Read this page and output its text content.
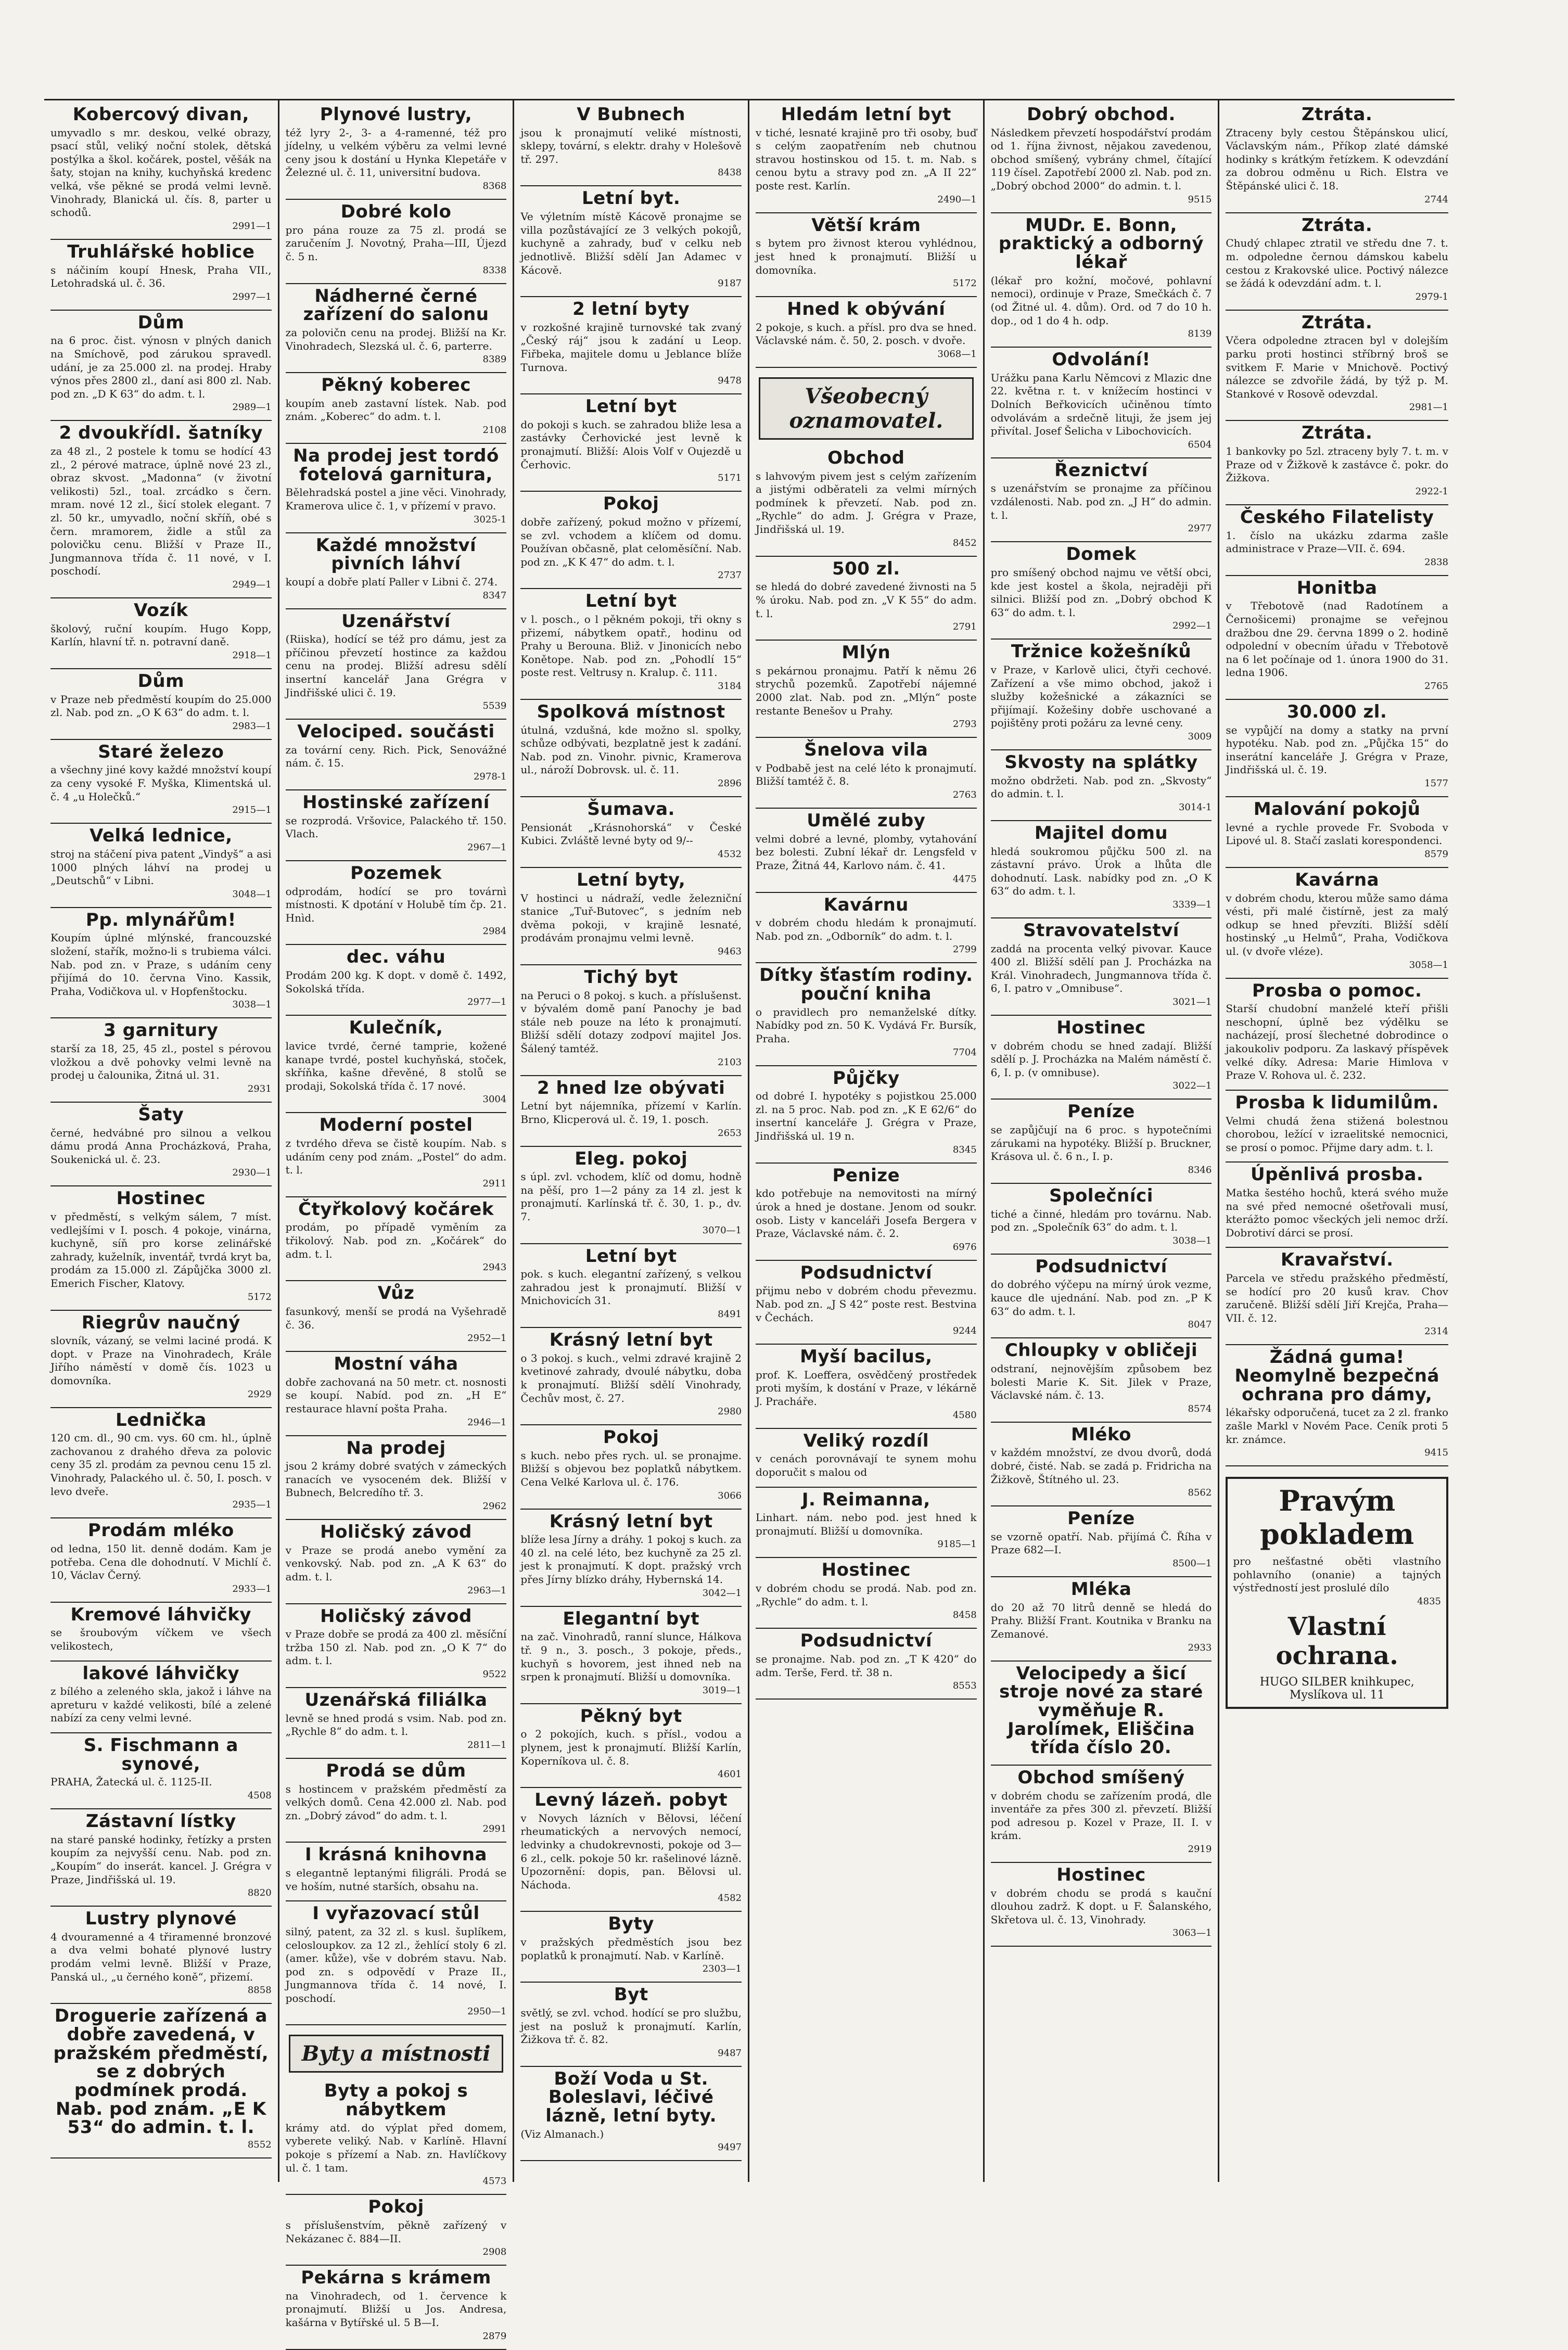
Kobercový divan,
umyvadlo s mr. deskou, velké obrazy, psací stůl, veliký noční stolek, dětská postýlka a škol. kočárek, postel, věšák na šaty, stojan na knihy, kuchyňská kredenc velká, vše pěkné se prodá velmi levně. Vinohrady, Blanická ul. čís. 8, parter u schodů.
2991—1
Truhlářské hoblice
s náčiním koupí Hnesk, Praha VII., Letohradská ul. č. 36.
2997—1
Dům
na 6 proc. čist. výnosn v plných danich na Smíchově, pod zárukou spravedl. udání, je za 25.000 zl. na prodej. Hraby výnos přes 2800 zl., daní asi 800 zl. Nab. pod zn. „D K 63“ do adm. t. l.
2989—1
2 dvoukřídl. šatníky
za 48 zl., 2 postele k tomu se hodící 43 zl., 2 pérové matrace, úplně nové 23 zl., obraz skvost. „Madonna“ (v životní velikosti) 5zl., toal. zrcádko s čern. mram. nové 12 zl., šicí stolek elegant. 7 zl. 50 kr., umyvadlo, noční skříň, obé s čern. mramorem, židle a stůl za polovičku cenu. Bližší v Praze II., Jungmannova třída č. 11 nové, v I. poschodí.
2949—1
Vozík
školový, ruční koupím. Hugo Kopp, Karlín, hlavní tř. n. potravní daně.
2918—1
Dům
v Praze neb předměstí koupím do 25.000 zl. Nab. pod zn. „O K 63“ do adm. t. l.
2983—1
Staré železo
a všechny jiné kovy každé množství koupí za ceny vysoké F. Myška, Klimentská ul. č. 4 „u Holečků.“
2915—1
Velká lednice,
stroj na stáčení piva patent „Vindyš“ a asi 1000 plných láhví na prodej u „Deutschů“ v Libni.
3048—1
Pp. mlynářům!
Koupím úplné mlýnské, francouzské složení, stařík, možno-li s trubiema válci. Nab. pod zn. v Praze, s udáním ceny přijímá do 10. června Vino. Kassik, Praha, Vodičkova ul. v Hopfenštocku.
3038—1
3 garnitury
starší za 18, 25, 45 zl., postel s pérovou vložkou a dvě pohovky velmi levně na prodej u čalounika, Žitná ul. 31.
2931
Šaty
černé, hedvábné pro silnou a velkou dámu prodá Anna Procházková, Praha, Soukenická ul. č. 23.
2930—1
Hostinec
v předměstí, s velkým sálem, 7 míst. vedlejšími v I. posch. 4 pokoje, vinárna, kuchyně, síň pro korse zelinářské zahrady, kuželník, inventář, tvrdá kryt ba, prodám za 15.000 zl. Zápůjčka 3000 zl. Emerich Fischer, Klatovy.
5172
Riegrův naučný
slovník, vázaný, se velmi laciné prodá. K dopt. v Praze na Vinohradech, Krále Jiřího náměstí v domě čís. 1023 u domovníka.
2929
Lednička
120 cm. dl., 90 cm. vys. 60 cm. hl., úplně zachovanou z drahého dřeva za polovic ceny 35 zl. prodám za pevnou cenu 15 zl. Vinohrady, Palackého ul. č. 50, I. posch. v levo dveře.
2935—1
Prodám mléko
od ledna, 150 lit. denně dodám. Kam je potřeba. Cena dle dohodnutí. V Michlí č. 10, Václav Černý.
2933—1
Kremové láhvičky
se šroubovým víčkem ve všech velikostech,
lakové láhvičky
z bílého a zeleného skla, jakož i láhve na apreturu v každé velikosti, bílé a zelené nabízí za ceny velmi levné.
S. Fischmann a synové,
PRAHA, Žatecká ul. č. 1125-II.
4508
Zástavní lístky
na staré panské hodinky, řetízky a prsten koupím za nejvyšší cenu. Nab. pod zn. „Koupím“ do inserát. kancel. J. Grégra v Praze, Jindřišská ul. 19.
8820
Lustry plynové
4 dvouramenné a 4 třiramenné bronzové a dva velmi bohaté plynové lustry prodám velmi levně. Bližší v Praze, Panská ul., „u černého koně“, přizemí.
8858
Droguerie zařízená a dobře zavedená, v pražském předměstí, se z dobrých podmínek prodá. Nab. pod znám. „E K 53“ do admin. t. l.
8552
Plynové lustry,
též lyry 2-, 3- a 4-ramenné, též pro jídelny, u velkém výběru za velmi levné ceny jsou k dostání u Hynka Klepetáře v Železné ul. č. 11, universitní budova.
8368
Dobré kolo
pro pána rouze za 75 zl. prodá se zaručením J. Novotný, Praha—III, Újezd č. 5 n.
8338
Nádherné černé zařízení do salonu
za polovičn cenu na prodej. Bližší na Kr. Vinohradech, Slezská ul. č. 6, parterre.
8389
Pěkný koberec
koupím aneb zastavní lístek. Nab. pod znám. „Koberec“ do adm. t. l.
2108
Na prodej jest tordó fotelová garnitura,
Bělehradská postel a jine věci. Vinohrady, Kramerova ulice č. 1, v přízemí v pravo.
3025-1
Každé množství pivních láhví
koupí a dobře platí Paller v Libni č. 274.
8347
Uzenářství
(Riiska), hodící se též pro dámu, jest za příčinou převzetí hostince za každou cenu na prodej. Bližší adresu sdělí insertní kancelář Jana Grégra v Jindřišské ulici č. 19.
5539
Velociped. součásti
za tovární ceny. Rich. Pick, Senovážné nám. č. 15.
2978-1
Hostinské zařízení
se rozprodá. Vršovice, Palackého tř. 150. Vlach.
2967—1
Pozemek
odprodám, hodící se pro továrnì místnosti. K dpotání v Holubě tím čp. 21. Hnìd.
2984
dec. váhu
Prodám 200 kg. K dopt. v domě č. 1492, Sokolská třída.
2977—1
Kulečník,
lavice tvrdé, černé tamprie, kožené kanape tvrdé, postel kuchyňská, stoček, skříňka, kašne dřevěné, 8 stolů se prodaji, Sokolská třída č. 17 nové.
3004
Moderní postel
z tvrdého dřeva se čistě koupím. Nab. s udáním ceny pod znám. „Postel“ do adm. t. l.
2911
Čtyřkolový kočárek
prodám, po případě vyměním za třikolový. Nab. pod zn. „Kočárek“ do adm. t. l.
2943
Vůz
fasunkový, menší se prodá na Vyšehradě č. 36.
2952—1
Mostní váha
dobře zachovaná na 50 metr. ct. nosnosti se koupí. Nabíd. pod zn. „H E“ restaurace hlavní pošta Praha.
2946—1
Na prodej
jsou 2 krámy dobré svatých v zámeckých ranacích ve vysoceném dek. Bližší v Bubnech, Belcredího tř. 3.
2962
Holičský závod
v Praze se prodá anebo vymění za venkovský. Nab. pod zn. „A K 63“ do adm. t. l.
2963—1
Holičský závod
v Praze dobře se prodá za 400 zl. měsíční tržba 150 zl. Nab. pod zn. „O K 7“ do adm. t. l.
9522
Uzenářská filiálka
levně se hned prodá s vsim. Nab. pod zn. „Rychle 8“ do adm. t. l.
2811—1
Prodá se dům
s hostincem v pražském předměstí za velkých domů. Cena 42.000 zl. Nab. pod zn. „Dobrý závod“ do adm. t. l.
2991
I krásná knihovna
s elegantně leptanými filigráli. Prodá se ve hoším, nutné starších, obsahu na.
I vyřazovací stůl
silný, patent, za 32 zl. s kusl. šuplíkem, celosloupkov. za 12 zl., žehlící stoly 6 zl. (amer. kůže), vše v dobrém stavu. Nab. pod zn. s odpovědí v Praze II., Jungmannova třída č. 14 nové, I. poschodí.
2950—1
Byty a místnosti
Byty a pokoj s nábytkem
krámy atd. do výplat před domem, vyberete veliký. Nab. v Karlíně. Hlavní pokoje s přízemí a Nab. zn. Havlíčkovy ul. č. 1 tam.
4573
Pokoj
s příslušenstvím, pěkně zařízený v Nekázanec č. 884—II.
2908
Pekárna s krámem
na Vinohradech, od 1. července k pronajmutí. Bližší u Jos. Andresa, kašárna v Bytířské ul. 5 B—I.
2879
V Bubnech
jsou k pronajmutí veliké místnosti, sklepy, tovární, s elektr. drahy v Holešově tř. 297.
8438
Letní byt.
Ve výletním místě Kácově pronajme se villa pozůstávající ze 3 velkých pokojů, kuchyně a zahrady, buď v celku neb jednotlivě. Bližší sdělí Jan Adamec v Kácově.
9187
2 letní byty
v rozkošné krajině turnovské tak zvaný „Český ráj“ jsou k zadání u Leop. Fiřbeka, majitele domu u Jeblance blíže Turnova.
9478
Letní byt
do pokoji s kuch. se zahradou bliže lesa a zastávky Čerhovické jest levně k pronajmutí. Bližší: Alois Volf v Oujezdě u Čerhovic.
5171
Pokoj
dobře zařízený, pokud možno v přízemí, se zvl. vchodem a klíčem od domu. Používan občasně, plat celoměsíční. Nab. pod zn. „K K 47“ do adm. t. l.
2737
Letní byt
v l. posch., o l pěkném pokoji, tři okny s přizemí, nábytkem opatř., hodinu od Prahy u Berouna. Bliž. v Jinonicích nebo Konětope. Nab. pod zn. „Pohodlí 15“ poste rest. Veltrusy n. Kralup. č. 111.
3184
Spolková místnost
útulná, vzdušná, kde možno sl. spolky, schůze odbývati, bezplatně jest k zadání. Nab. pod zn. Vinohr. pivnic, Kramerova ul., nároží Dobrovsk. ul. č. 11.
2896
Šumava.
Pensionát „Krásnohorská“ v České Kubici. Zvláště levné byty od 9/--
4532
Letní byty,
V hostinci u nádraží, vedle železniční stanice „Tuř-Butovec“, s jedním neb dvěma pokoji, v krajině lesnaté, prodávám pronajmu velmi levně.
9463
Tichý byt
na Peruci o 8 pokoj. s kuch. a příslušenst. v bývalém domě paní Panochy je bad stále neb pouze na léto k pronajmutí. Bližší sdělí dotazy zodpoví majitel Jos. Šálený tamtéž.
2103
2 hned lze obývati
Letní byt nájemníka, přízemí v Karlín. Brno, Klicperová ul. č. 19, 1. posch.
2653
Eleg. pokoj
s úpl. zvl. vchodem, klíč od domu, hodně na pěší, pro 1—2 pány za 14 zl. jest k pronajmutí. Karlínská tř. č. 30, 1. p., dv. 7.
3070—1
Letní byt
pok. s kuch. elegantní zařízený, s velkou zahradou jest k pronajmutí. Bližší v Mnichovicích 31.
8491
Krásný letní byt
o 3 pokoj. s kuch., velmi zdravé krajině 2 kvetinové zahrady, dvoulé nábytku, doba k pronajmutí. Bližší sdělí Vinohrady, Čechův most, č. 27.
2980
Pokoj
s kuch. nebo přes rych. ul. se pronajme. Bližší s objevou bez poplatků nábytkem. Cena Velké Karlova ul. č. 176.
3066
Krásný letní byt
blíže lesa Jírny a dráhy. 1 pokoj s kuch. za 40 zl. na celé léto, bez kuchyně za 25 zl. jest k pronajmutí. K dopt. pražský vrch přes Jírny blízko dráhy, Hybernská 14.
3042—1
Elegantní byt
na zač. Vinohradů, ranní slunce, Hálkova tř. 9 n., 3. posch., 3 pokoje, předs., kuchyň s hovorem, jest ihned neb na srpen k pronajmutí. Bližší u domovníka.
3019—1
Pěkný byt
o 2 pokojích, kuch. s přísl., vodou a plynem, jest k pronajmutí. Bližší Karlín, Koperníkova ul. č. 8.
4601
Levný lázeň. pobyt
v Novych lázních v Bělovsi, léčení rheumatických a nervových nemocí, ledvinky a chudokrevnosti, pokoje od 3—6 zl., celk. pokoje 50 kr. rašelinové lázně. Upozornění: dopis, pan. Bělovsi ul. Náchoda.
4582
Byty
v pražských předměstích jsou bez poplatků k pronajmutí. Nab. v Karlíně.
2303—1
Byt
světlý, se zvl. vchod. hodící se pro službu, jest na posluž k pronajmutí. Karlín, Žižkova tř. č. 82.
9487
Boží Voda u St. Boleslavi, léčivé lázně, letní byty.
(Viz Almanach.)
9497
Hledám letní byt
v tiché, lesnaté krajině pro tři osoby, buď s celým zaopatřením neb chutnou stravou hostinskou od 15. t. m. Nab. s cenou bytu a stravy pod zn. „A II 22“ poste rest. Karlín.
2490—1
Větší krám
s bytem pro živnost kterou vyhlédnou, jest hned k pronajmutí. Bližší u domovníka.
5172
Hned k obývání
2 pokoje, s kuch. a přísl. pro dva se hned. Václavské nám. č. 50, 2. posch. v dvoře.
3068—1
Všeobecný oznamovatel.
Obchod
s lahvovým pivem jest s celým zařízením a jistými odběrateli za velmi mírných podmínek k převzetí. Nab. pod zn. „Rychle“ do adm. J. Grégra v Praze, Jindřišská ul. 19.
8452
500 zl.
se hledá do dobré zavedené živnosti na 5 % úroku. Nab. pod zn. „V K 55“ do adm. t. l.
2791
Mlýn
s pekárnou pronajmu. Patří k němu 26 strychů pozemků. Zapotřebí nájemné 2000 zlat. Nab. pod zn. „Mlýn“ poste restante Benešov u Prahy.
2793
Šnelova vila
v Podbabě jest na celé léto k pronajmutí. Bližší tamtéž č. 8.
2763
Umělé zuby
velmi dobré a levné, plomby, vytahování bez bolesti. Zubní lékař dr. Lengsfeld v Praze, Žitná 44, Karlovo nám. č. 41.
4475
Kavárnu
v dobrém chodu hledám k pronajmutí. Nab. pod zn. „Odborník“ do adm. t. l.
2799
Dítky šťastím rodiny. pouční kniha
o pravidlech pro nemanželské dítky. Nabídky pod zn. 50 K. Vydává Fr. Bursík, Praha.
7704
Půjčky
od dobré I. hypotéky s pojistkou 25.000 zl. na 5 proc. Nab. pod zn. „K E 62/6“ do insertní kanceláře J. Grégra v Praze, Jindřišská ul. 19 n.
8345
Penize
kdo potřebuje na nemovitosti na mírný úrok a hned je dostane. Jenom od soukr. osob. Listy v kanceláři Josefa Bergera v Praze, Václavské nám. č. 2.
6976
Podsudnictví
přijmu nebo v dobrém chodu převezmu. Nab. pod zn. „J S 42“ poste rest. Bestvina v Čechách.
9244
Myší bacilus,
prof. K. Loeffera, osvědčený prostředek proti myším, k dostání v Praze, v lékárně J. Pracháře.
4580
Veliký rozdíl
v cenách porovnávají te synem mohu doporučit s malou od
J. Reimanna,
Linhart. nám. nebo pod. jest hned k pronajmutí. Bližší u domovníka.
9185—1
Hostinec
v dobrém chodu se prodá. Nab. pod zn. „Rychle“ do adm. t. l.
8458
Podsudnictví
se pronajme. Nab. pod zn. „T K 420“ do adm. Terše, Ferd. tř. 38 n.
8553
Dobrý obchod.
Následkem převzetí hospodářství prodám od 1. října živnost, nějakou zavedenou, obchod smíšený, vybrány chmel, čítající 119 čísel. Zapotřebí 2000 zl. Nab. pod zn. „Dobrý obchod 2000“ do admin. t. l.
9515
MUDr. E. Bonn, praktický a odborný lékař
(lékař pro kožní, močové, pohlavní nemoci), ordinuje v Praze, Smečkách č. 7 (od Žitné ul. 4. dům). Ord. od 7 do 10 h. dop., od 1 do 4 h. odp.
8139
Odvolání!
Urážku pana Karlu Němcovi z Mlazic dne 22. května r. t. v knížecím hostinci v Dolních Beřkovicích učiněnou tímto odvolávám a srdečně lituji, že jsem jej přivítal. Josef Šelicha v Libochovicích.
6504
Řeznictví
s uzenářstvím se pronajme za příčinou vzdálenosti. Nab. pod zn. „J H“ do admin. t. l.
2977
Domek
pro smíšený obchod najmu ve větší obci, kde jest kostel a škola, nejraději při silnici. Bližší pod zn. „Dobrý obchod K 63“ do adm. t. l.
2992—1
Tržnice kožešníků
v Praze, v Karlově ulici, čtyři cechové. Zařízení a vše mimo obchod, jakož i služby kožešnické a zákazníci se přijímají. Kožešiny dobře uschované a pojištěny proti požáru za levné ceny.
3009
Skvosty na splátky
možno obdržeti. Nab. pod zn. „Skvosty“ do admin. t. l.
3014-1
Majitel domu
hledá soukromou půjčku 500 zl. na zástavní právo. Úrok a lhůta dle dohodnutí. Lask. nabídky pod zn. „O K 63“ do adm. t. l.
3339—1
Stravovatelství
zaddá na procenta velký pivovar. Kauce 400 zl. Bližší sdělí pan J. Procházka na Král. Vinohradech, Jungmannova třída č. 6, I. patro v „Omnibuse“.
3021—1
Hostinec
v dobrém chodu se hned zadají. Bližší sdělí p. J. Procházka na Malém náměstí č. 6, I. p. (v omnibuse).
3022—1
Peníze
se zapůjčují na 6 proc. s hypotečními zárukami na hypotéky. Bližší p. Bruckner, Krásova ul. č. 6 n., I. p.
8346
Společníci
tiché a činné, hledám pro továrnu. Nab. pod zn. „Společník 63“ do adm. t. l.
3038—1
Podsudnictví
do dobrého výčepu na mírný úrok vezme, kauce dle ujednání. Nab. pod zn. „P K 63“ do adm. t. l.
8047
Chloupky v obličeji
odstraní, nejnovějším způsobem bez bolesti Marie K. Sit. Jilek v Praze, Václavské nám. č. 13.
8574
Mléko
v každém množství, ze dvou dvorů, dodá dobré, čisté. Nab. se zadá p. Fridricha na Žižkově, Štítného ul. 23.
8562
Peníze
se vzorně opatří. Nab. přijímá Č. Říha v Praze 682—I.
8500—1
Mléka
do 20 až 70 litrů denně se hledá do Prahy. Bližší Frant. Koutnika v Branku na Zemanové.
2933
Velocipedy a šicí stroje nové za staré vyměňuje R. Jarolímek, Eliščina třída číslo 20.
Obchod smíšený
v dobrém chodu se zařízením prodá, dle inventáře za přes 300 zl. převzetí. Bližší pod adresou p. Kozel v Praze, II. I. v krám.
2919
Hostinec
v dobrém chodu se prodá s kauční dlouhou zadrž. K dopt. u F. Šalanského, Skřetova ul. č. 13, Vinohrady.
3063—1
Ztráta.
Ztraceny byly cestou Štěpánskou ulicí, Václavským nám., Příkop zlaté dámské hodinky s krátkým řetízkem. K odevzdání za dobrou odměnu u Rich. Elstra ve Štěpánské ulici č. 18.
2744
Ztráta.
Chudý chlapec ztratil ve středu dne 7. t. m. odpoledne černou dámskou kabelu cestou z Krakovské ulice. Poctivý nálezce se žádá k odevzdání adm. t. l.
2979-1
Ztráta.
Včera odpoledne ztracen byl v dolejším parku proti hostinci stříbrný broš se svitkem F. Marie v Mnichově. Poctivý nálezce se zdvořile žádá, by týž p. M. Stankové v Rosově odevzdal.
2981—1
Ztráta.
1 bankovky po 5zl. ztraceny byly 7. t. m. v Praze od v Žižkově k zastávce č. pokr. do Žižkova.
2922-1
Českého Filatelisty
1. číslo na ukázku zdarma zašle administrace v Praze—VII. č. 694.
2838
Honitba
v Třebotově (nad Radotínem a Černošicemi) pronajme se veřejnou dražbou dne 29. června 1899 o 2. hodině odpolední v obecním úřadu v Třebotově na 6 let počínaje od 1. února 1900 do 31. ledna 1906.
2765
30.000 zl.
se vypůjčí na domy a statky na první hypotéku. Nab. pod zn. „Půjčka 15“ do inserátní kanceláře J. Grégra v Praze, Jindřišská ul. č. 19.
1577
Malování pokojů
levné a rychle provede Fr. Svoboda v Lipové ul. 8. Stačí zaslati korespondenci.
8579
Kavárna
v dobrém chodu, kterou může samo dáma vésti, při malé čistírně, jest za malý odkup se hned převzíti. Bližší sdělí hostinský „u Helmů“, Praha, Vodičkova ul. (v dvoře vléze).
3058—1
Prosba o pomoc.
Starší chudobní manželé kteří přišli neschopní, úplně bez výdělku se nacházejí, prosí šlechetné dobrodince o jakoukoliv podporu. Za laskavý příspěvek velké díky. Adresa: Marie Himlova v Praze V. Rohova ul. č. 232.
Prosba k lidumilům.
Velmi chudá žena stižená bolestnou chorobou, ležící v izraelitské nemocnici, se prosí o pomoc. Přijme dary adm. t. l.
Úpěnlivá prosba.
Matka šestého hochů, která svého muže na své před nemocné ošetřovali musí, kterážto pomoc všeckých jeli nemoc drží. Dobrotiví dárci se prosí.
Kravařství.
Parcela ve středu pražského předměstí, se hodící pro 20 kusů krav. Chov zaručeně. Bližší sdělí Jiří Krejča, Praha—VII. č. 12.
2314
Žádná guma! Neomylně bezpečná ochrana pro dámy,
lékařsky odporučená, tucet za 2 zl. franko zašle Markl v Novém Pace. Ceník proti 5 kr. známce.
9415
Pravým pokladem
pro nešťastné oběti vlastního pohlavního (onanie) a tajných výstředností jest proslulé dílo
4835
Vlastní ochrana.
HUGO SILBER knihkupec, Myslíkova ul. 11
